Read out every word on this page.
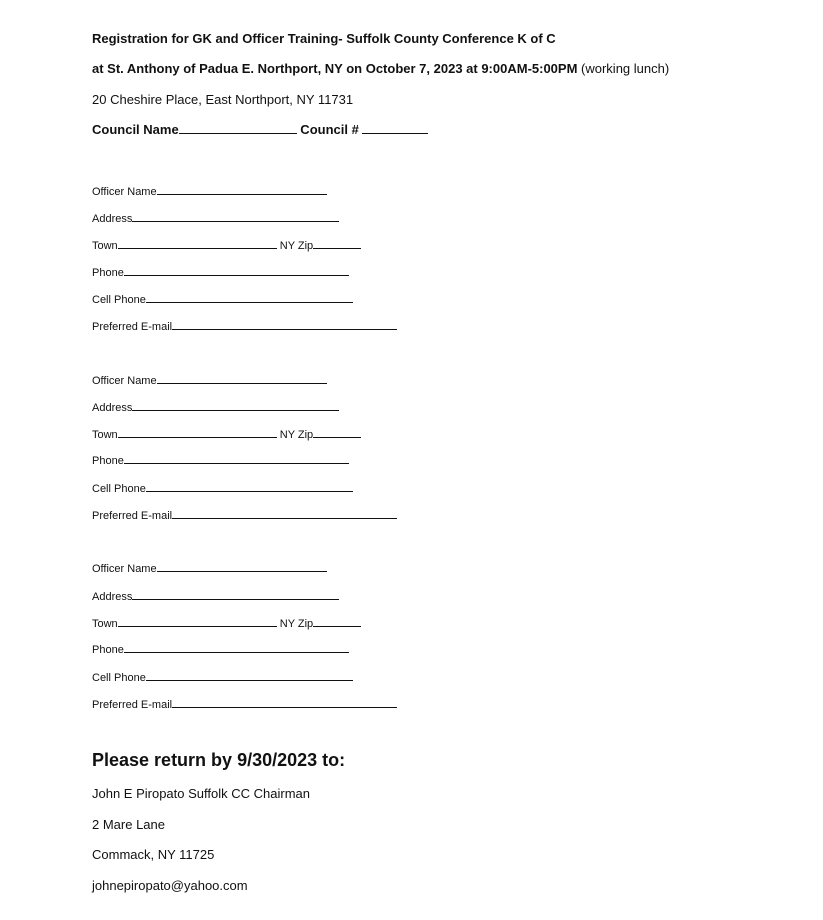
Registration for GK and Officer Training- Suffolk County Conference K of C
at St. Anthony of Padua E. Northport, NY on October 7, 2023 at 9:00AM-5:00PM (working lunch)
20 Cheshire Place, East Northport, NY 11731
Council Name	Council #
Officer Name
Address
Town	NY Zip
Phone
Cell Phone
Preferred E-mail
Officer Name
Address
Town	NY Zip
Phone
Cell Phone
Preferred E-mail
Officer Name
Address
Town	NY Zip
Phone
Cell Phone
Preferred E-mail
Please return by 9/30/2023 to:
John E Piropato Suffolk CC Chairman
2 Mare Lane
Commack, NY 11725
johnepiropato@yahoo.com
